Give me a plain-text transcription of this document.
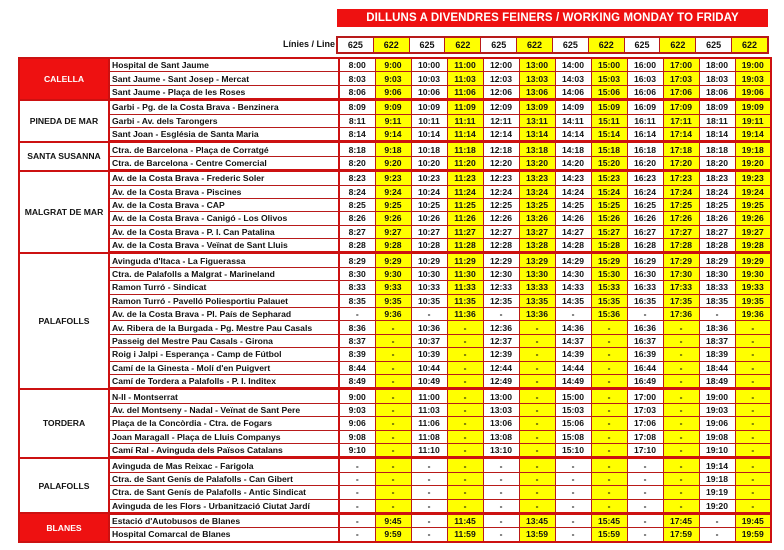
DILLUNS A DIVENDRES FEINERS / WORKING MONDAY TO FRIDAY
Línies / Line	625	622	625	622	625	622	625	622	625	622	625	622
CALELLA	Hospital de Sant Jaume		8:00	9:00	10:00	11:00	12:00	13:00	14:00	15:00	16:00	17:00	18:00	19:00
	Sant Jaume - Sant Josep - Mercat		8:03	9:03	10:03	11:03	12:03	13:03	14:03	15:03	16:03	17:03	18:03	19:03
	Sant Jaume - Plaça de les Roses		8:06	9:06	10:06	11:06	12:06	13:06	14:06	15:06	16:06	17:06	18:06	19:06
PINEDA DE MAR	Garbi - Pg. de la Costa Brava - Benzinera		8:09	9:09	10:09	11:09	12:09	13:09	14:09	15:09	16:09	17:09	18:09	19:09
	Garbi - Av. dels Tarongers		8:11	9:11	10:11	11:11	12:11	13:11	14:11	15:11	16:11	17:11	18:11	19:11
	Sant Joan - Església de Santa Maria		8:14	9:14	10:14	11:14	12:14	13:14	14:14	15:14	16:14	17:14	18:14	19:14
SANTA SUSANNA	Ctra. de Barcelona - Plaça de Corratgé		8:18	9:18	10:18	11:18	12:18	13:18	14:18	15:18	16:18	17:18	18:18	19:18
	Ctra. de Barcelona - Centre Comercial		8:20	9:20	10:20	11:20	12:20	13:20	14:20	15:20	16:20	17:20	18:20	19:20
MALGRAT DE MAR	Av. de la Costa Brava - Frederic Soler		8:23	9:23	10:23	11:23	12:23	13:23	14:23	15:23	16:23	17:23	18:23	19:23
	Av. de la Costa Brava - Piscines		8:24	9:24	10:24	11:24	12:24	13:24	14:24	15:24	16:24	17:24	18:24	19:24
	Av. de la Costa Brava - CAP		8:25	9:25	10:25	11:25	12:25	13:25	14:25	15:25	16:25	17:25	18:25	19:25
	Av. de la Costa Brava - Canigó - Los Olivos		8:26	9:26	10:26	11:26	12:26	13:26	14:26	15:26	16:26	17:26	18:26	19:26
	Av. de la Costa Brava - P. I. Can Patalina		8:27	9:27	10:27	11:27	12:27	13:27	14:27	15:27	16:27	17:27	18:27	19:27
	Av. de la Costa Brava - Veïnat de Sant Lluis		8:28	9:28	10:28	11:28	12:28	13:28	14:28	15:28	16:28	17:28	18:28	19:28
PALAFOLLS	Avinguda d'Itaca - La Figuerassa		8:29	9:29	10:29	11:29	12:29	13:29	14:29	15:29	16:29	17:29	18:29	19:29
	Ctra. de Palafolls a Malgrat - Marineland		8:30	9:30	10:30	11:30	12:30	13:30	14:30	15:30	16:30	17:30	18:30	19:30
	Ramon Turró - Sindicat		8:33	9:33	10:33	11:33	12:33	13:33	14:33	15:33	16:33	17:33	18:33	19:33
	Ramon Turró - Pavelló Poliesportiu Palauet		8:35	9:35	10:35	11:35	12:35	13:35	14:35	15:35	16:35	17:35	18:35	19:35
	Av. de la Costa Brava - Pl. País de Sepharad		-	9:36	-	11:36	-	13:36	-	15:36	-	17:36	-	19:36
	Av. Ribera de la Burgada - Pg. Mestre Pau Casals		8:36	-	10:36	-	12:36	-	14:36	-	16:36	-	18:36	-
	Passeig del Mestre Pau Casals - Girona		8:37	-	10:37	-	12:37	-	14:37	-	16:37	-	18:37	-
	Roig i Jalpi - Esperança - Camp de Fútbol		8:39	-	10:39	-	12:39	-	14:39	-	16:39	-	18:39	-
	Camí de la Ginesta - Molí d'en Puigvert		8:44	-	10:44	-	12:44	-	14:44	-	16:44	-	18:44	-
	Camí de Tordera a Palafolls - P. I. Inditex		8:49	-	10:49	-	12:49	-	14:49	-	16:49	-	18:49	-
TORDERA	N-II - Montserrat		9:00	-	11:00	-	13:00	-	15:00	-	17:00	-	19:00	-
	Av. del Montseny - Nadal - Veïnat de Sant Pere		9:03	-	11:03	-	13:03	-	15:03	-	17:03	-	19:03	-
	Plaça de la Concòrdia - Ctra. de Fogars		9:06	-	11:06	-	13:06	-	15:06	-	17:06	-	19:06	-
	Joan Maragall - Plaça de Lluis Companys		9:08	-	11:08	-	13:08	-	15:08	-	17:08	-	19:08	-
	Camí Ral - Avinguda dels Països Catalans		9:10	-	11:10	-	13:10	-	15:10	-	17:10	-	19:10	-
PALAFOLLS	Avinguda de Mas Reixac - Farigola		-	-	-	-	-	-	-	-	-	-	19:14	-
	Ctra. de Sant Genís de Palafolls - Can Gibert		-	-	-	-	-	-	-	-	-	-	19:18	-
	Ctra. de Sant Genís de Palafolls - Antic Sindicat		-	-	-	-	-	-	-	-	-	-	19:19	-
	Avinguda de les Flors - Urbanització Ciutat Jardí		-	-	-	-	-	-	-	-	-	-	19:20	-
BLANES	Estació d'Autobusos de Blanes		-	9:45	-	11:45	-	13:45	-	15:45	-	17:45	-	19:45
	Hospital Comarcal de Blanes		-	9:59	-	11:59	-	13:59	-	15:59	-	17:59	-	19:59
